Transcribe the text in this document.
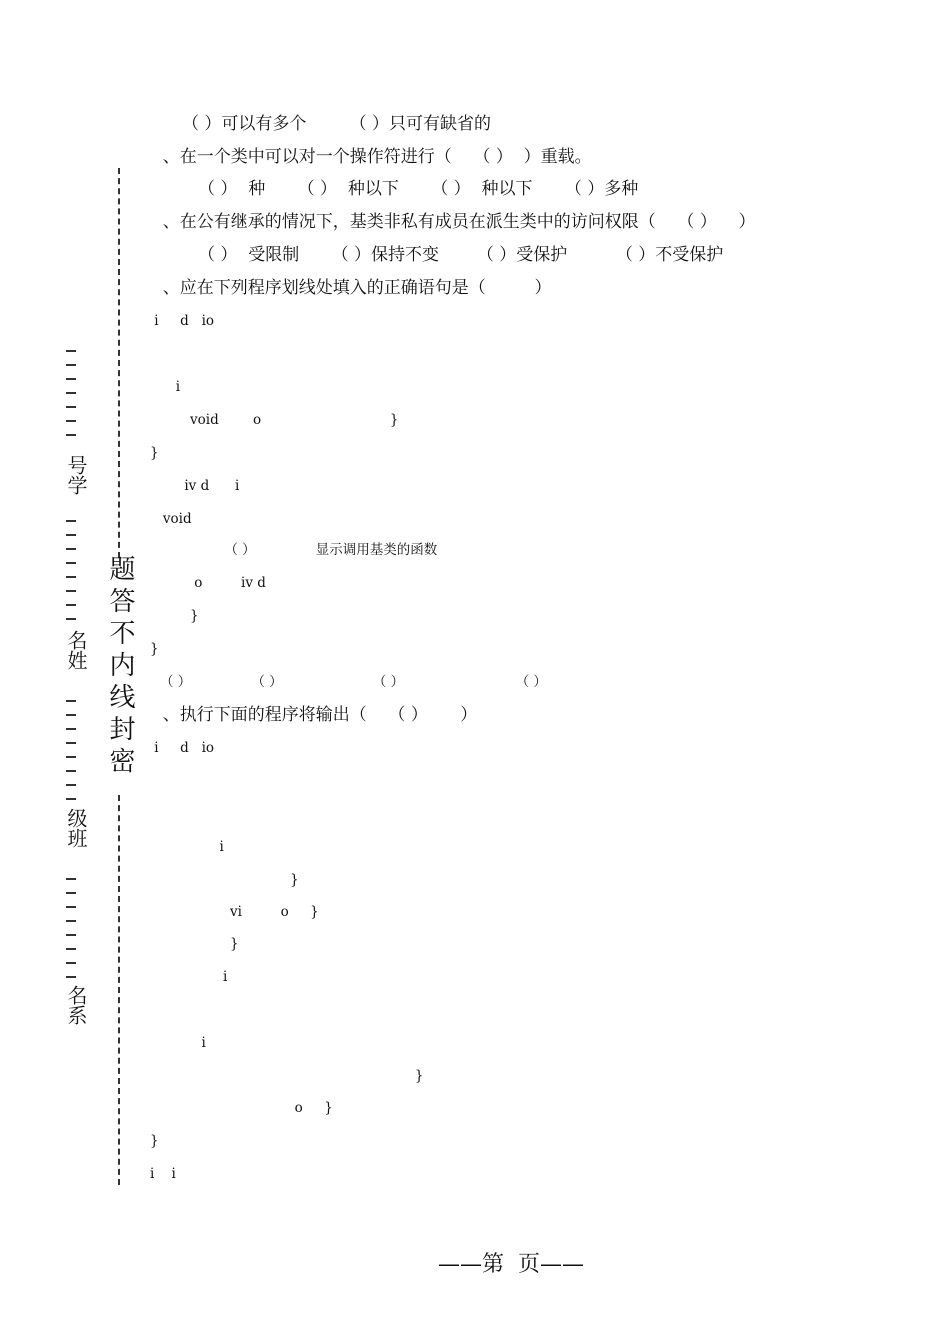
题答不内线封密
号学
名姓
级班
名系
（ ）可以有多个        （ ）只可有缺省的
、在一个类中可以对一个操作符进行（    （ ）  ）重载。
（ ）  种      （ ）  种以下      （ ）  种以下      （ ）多种
、在公有继承的情况下，基类非私有成员在派生类中的访问权限（    （ ）    ）
（ ）  受限制      （ ）保持不变       （ ）受保护         （ ）不受保护
、应在下列程序划线处填入的正确语句是（         ）
i     d   io

i
void        o                              }
}
iv d      i
void
（ ）              显示调用基类的函数
o         iv d
}
}
（ ）              （ ）                     （ ）                          （ ）
、执行下面的程序将输出（    （ ）      ）
i     d   io

i
}
vi         o     }
}
i

i
}
o     }
}
i    i

——第  页——
